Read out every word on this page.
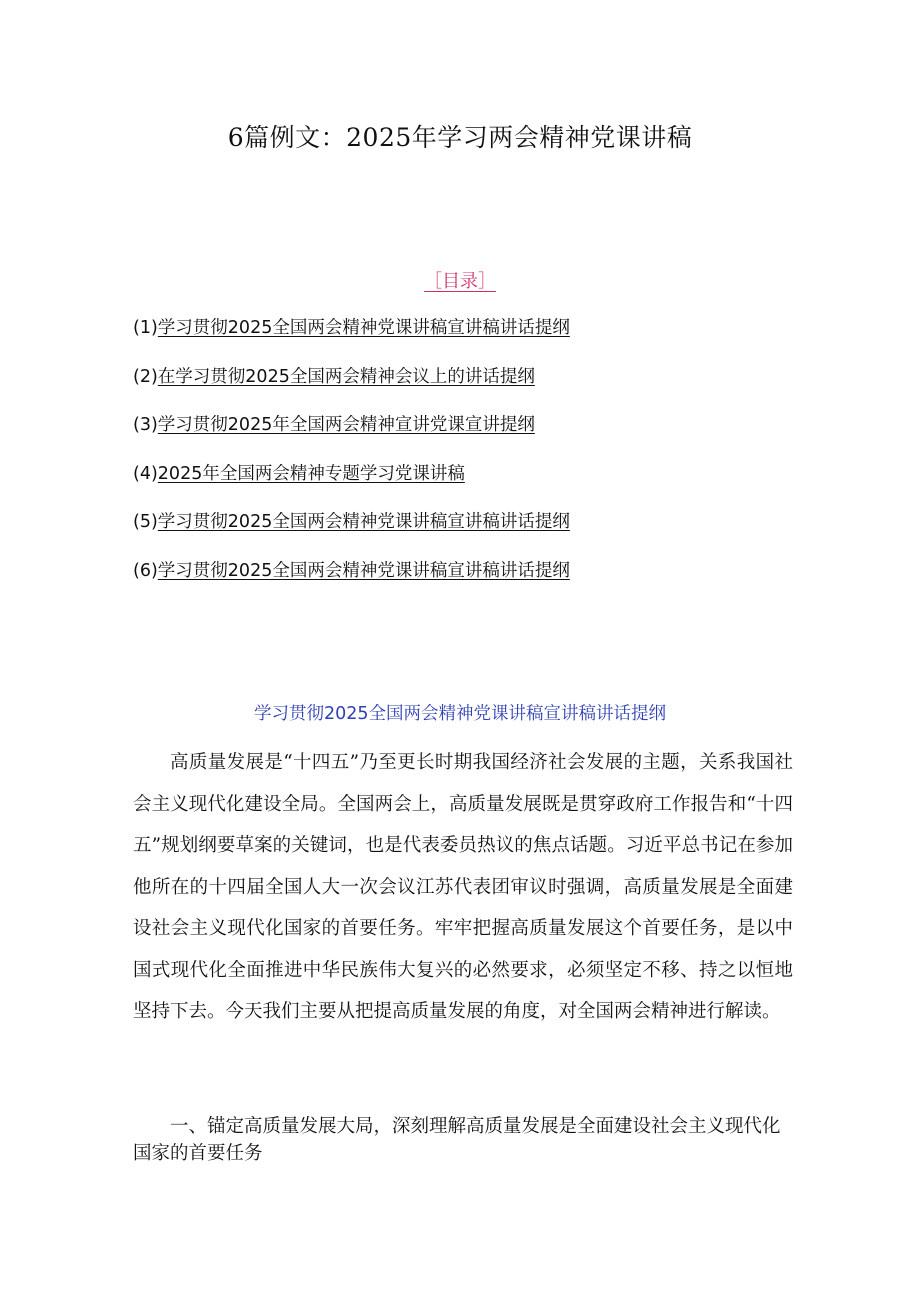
6篇例文：2025年学习两会精神党课讲稿
［目录］
(1)学习贯彻2025全国两会精神党课讲稿宣讲稿讲话提纲
(2)在学习贯彻2025全国两会精神会议上的讲话提纲
(3)学习贯彻2025年全国两会精神宣讲党课宣讲提纲
(4)2025年全国两会精神专题学习党课讲稿
(5)学习贯彻2025全国两会精神党课讲稿宣讲稿讲话提纲
(6)学习贯彻2025全国两会精神党课讲稿宣讲稿讲话提纲
学习贯彻2025全国两会精神党课讲稿宣讲稿讲话提纲

高质量发展是“十四五”乃至更长时期我国经济社会发展的主题，关系我国社会主义现代化建设全局。全国两会上，高质量发展既是贯穿政府工作报告和“十四五”规划纲要草案的关键词，也是代表委员热议的焦点话题。习近平总书记在参加他所在的十四届全国人大一次会议江苏代表团审议时强调，高质量发展是全面建设社会主义现代化国家的首要任务。牢牢把握高质量发展这个首要任务，是以中国式现代化全面推进中华民族伟大复兴的必然要求，必须坚定不移、持之以恒地坚持下去。今天我们主要从把提高质量发展的角度，对全国两会精神进行解读。

一、锚定高质量发展大局，深刻理解高质量发展是全面建设社会主义现代化国家的首要任务
